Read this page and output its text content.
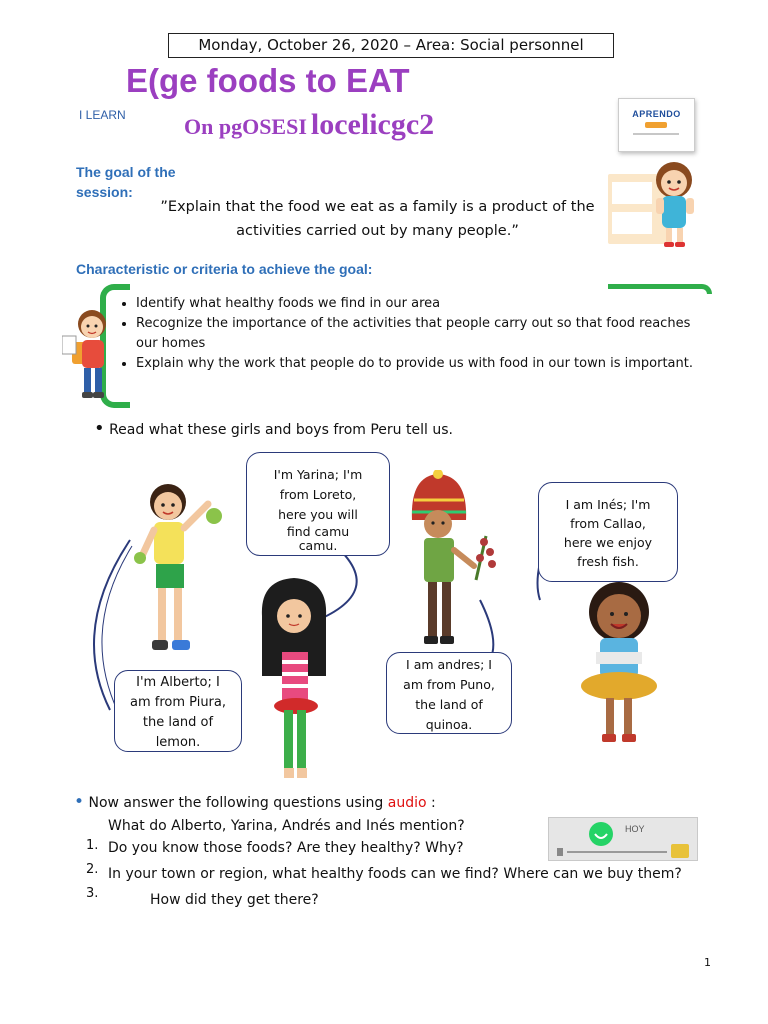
Monday, October 26, 2020 – Area: Social personnel
E(ge foods to EAT
I LEARN	On pgOSESI locelicgc2	APRENDO
The goal of the session:
”Explain that the food we eat as a family is a product of the activities carried out by many people.”
Characteristic or criteria to achieve the goal:
• Identify what healthy foods we find in our area
• Recognize the importance of the activities that people carry out so that food reaches our homes
• Explain why the work that people do to provide us with food in our town is important.
• Read what these girls and boys from Peru tell us.
I'm Yarina; I'm
from Loreto,
here you will
find camu
camu.
I am Inés; I'm
from Callao,
here we enjoy
fresh fish.
I am andres; I
am from Puno,
the land of
quinoa.
I'm Alberto; I
am from Piura,
the land of
lemon.
• Now answer the following questions using audio :
What do Alberto, Yarina, Andrés and Inés mention?
1. Do you know those foods? Are they healthy? Why?
2. In your town or region, what healthy foods can we find? Where can we buy them?
3.	How did they get there?
HOY
1
